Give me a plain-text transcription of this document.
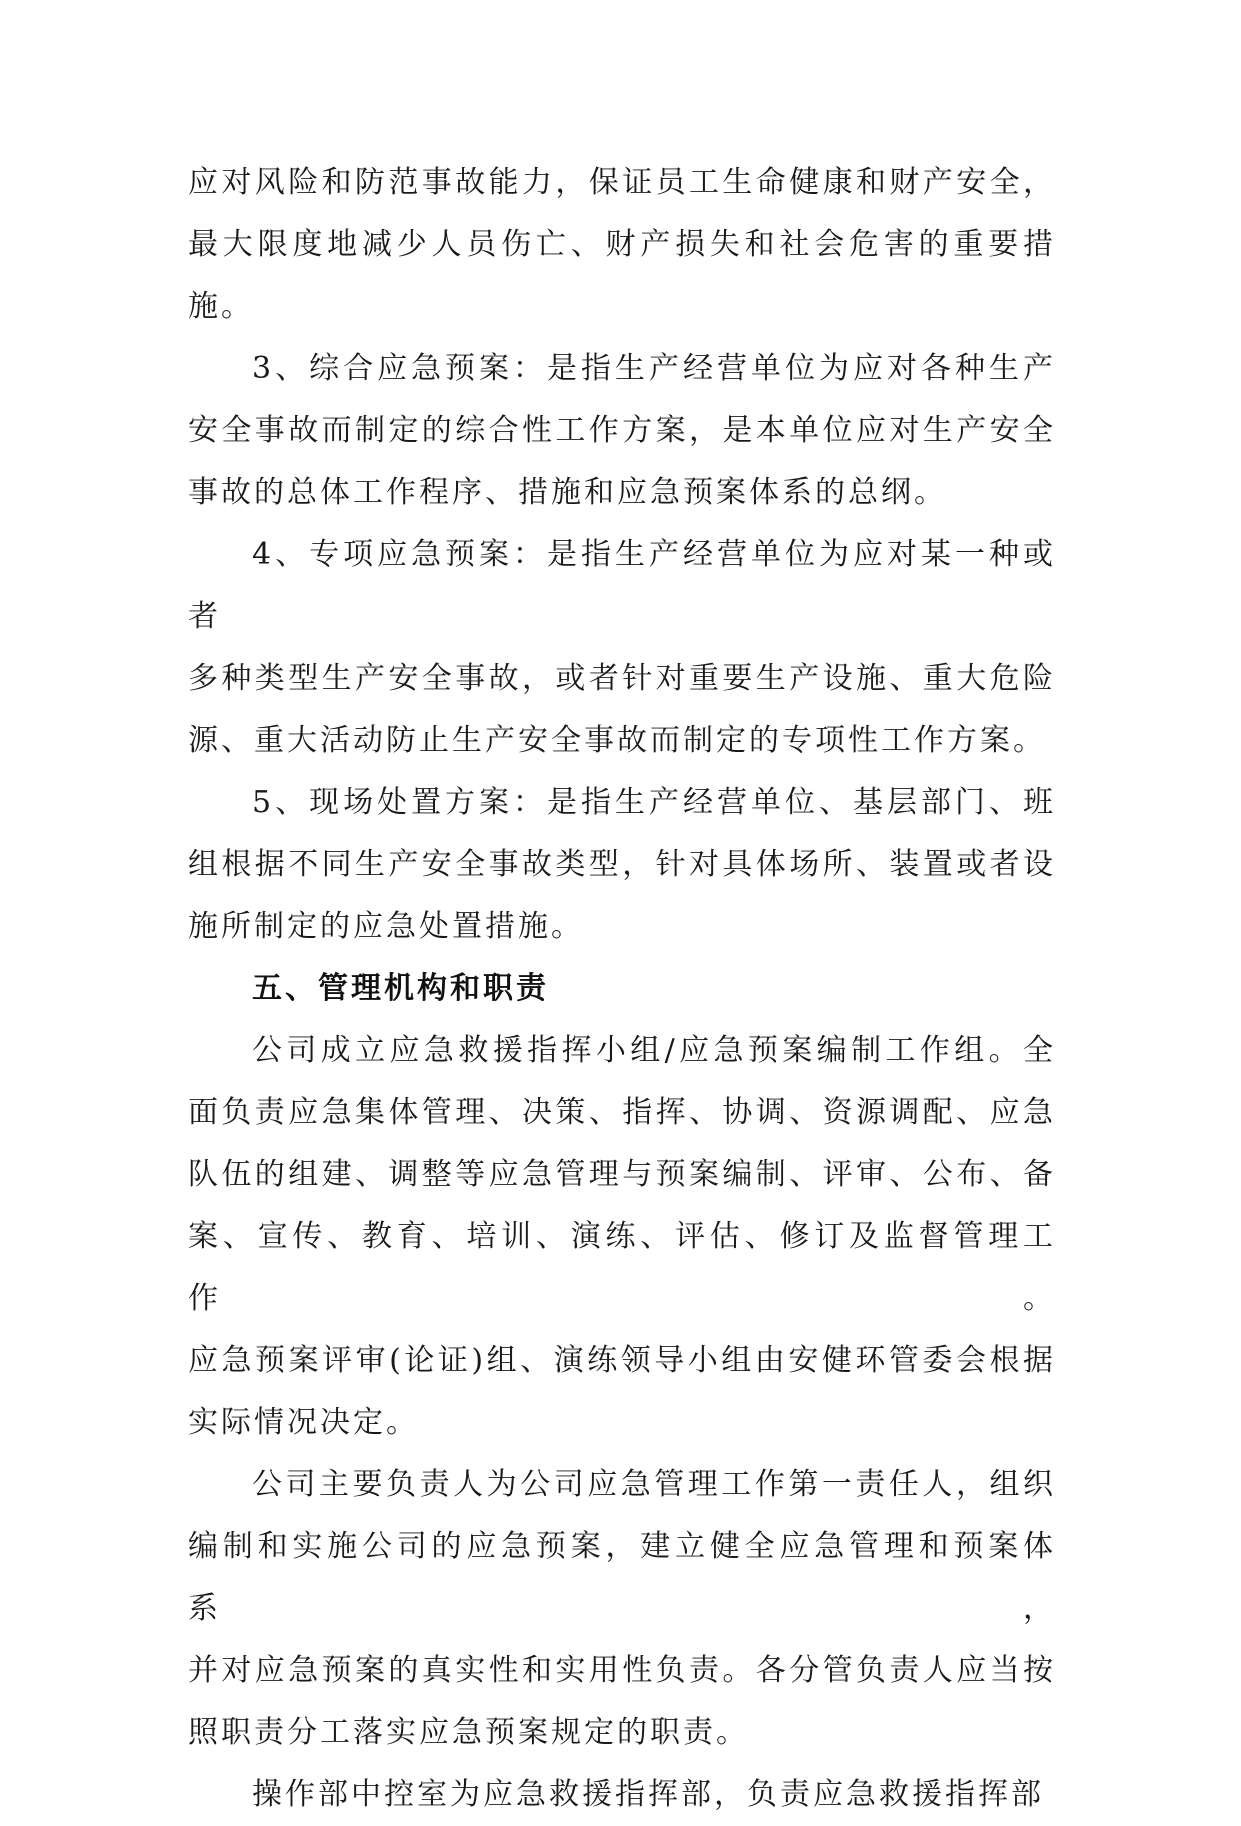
应对风险和防范事故能力，保证员工生命健康和财产安全，
最大限度地减少人员伤亡、财产损失和社会危害的重要措施。
3、综合应急预案：是指生产经营单位为应对各种生产
安全事故而制定的综合性工作方案，是本单位应对生产安全
事故的总体工作程序、措施和应急预案体系的总纲。
4、专项应急预案：是指生产经营单位为应对某一种或者
多种类型生产安全事故，或者针对重要生产设施、重大危险
源、重大活动防止生产安全事故而制定的专项性工作方案。
5、现场处置方案：是指生产经营单位、基层部门、班
组根据不同生产安全事故类型，针对具体场所、装置或者设
施所制定的应急处置措施。
五、管理机构和职责
公司成立应急救援指挥小组/应急预案编制工作组。全
面负责应急集体管理、决策、指挥、协调、资源调配、应急
队伍的组建、调整等应急管理与预案编制、评审、公布、备
案、宣传、教育、培训、演练、评估、修订及监督管理工作。
应急预案评审(论证)组、演练领导小组由安健环管委会根据
实际情况决定。
公司主要负责人为公司应急管理工作第一责任人，组织
编制和实施公司的应急预案，建立健全应急管理和预案体系，
并对应急预案的真实性和实用性负责。各分管负责人应当按
照职责分工落实应急预案规定的职责。
操作部中控室为应急救援指挥部，负责应急救援指挥部
